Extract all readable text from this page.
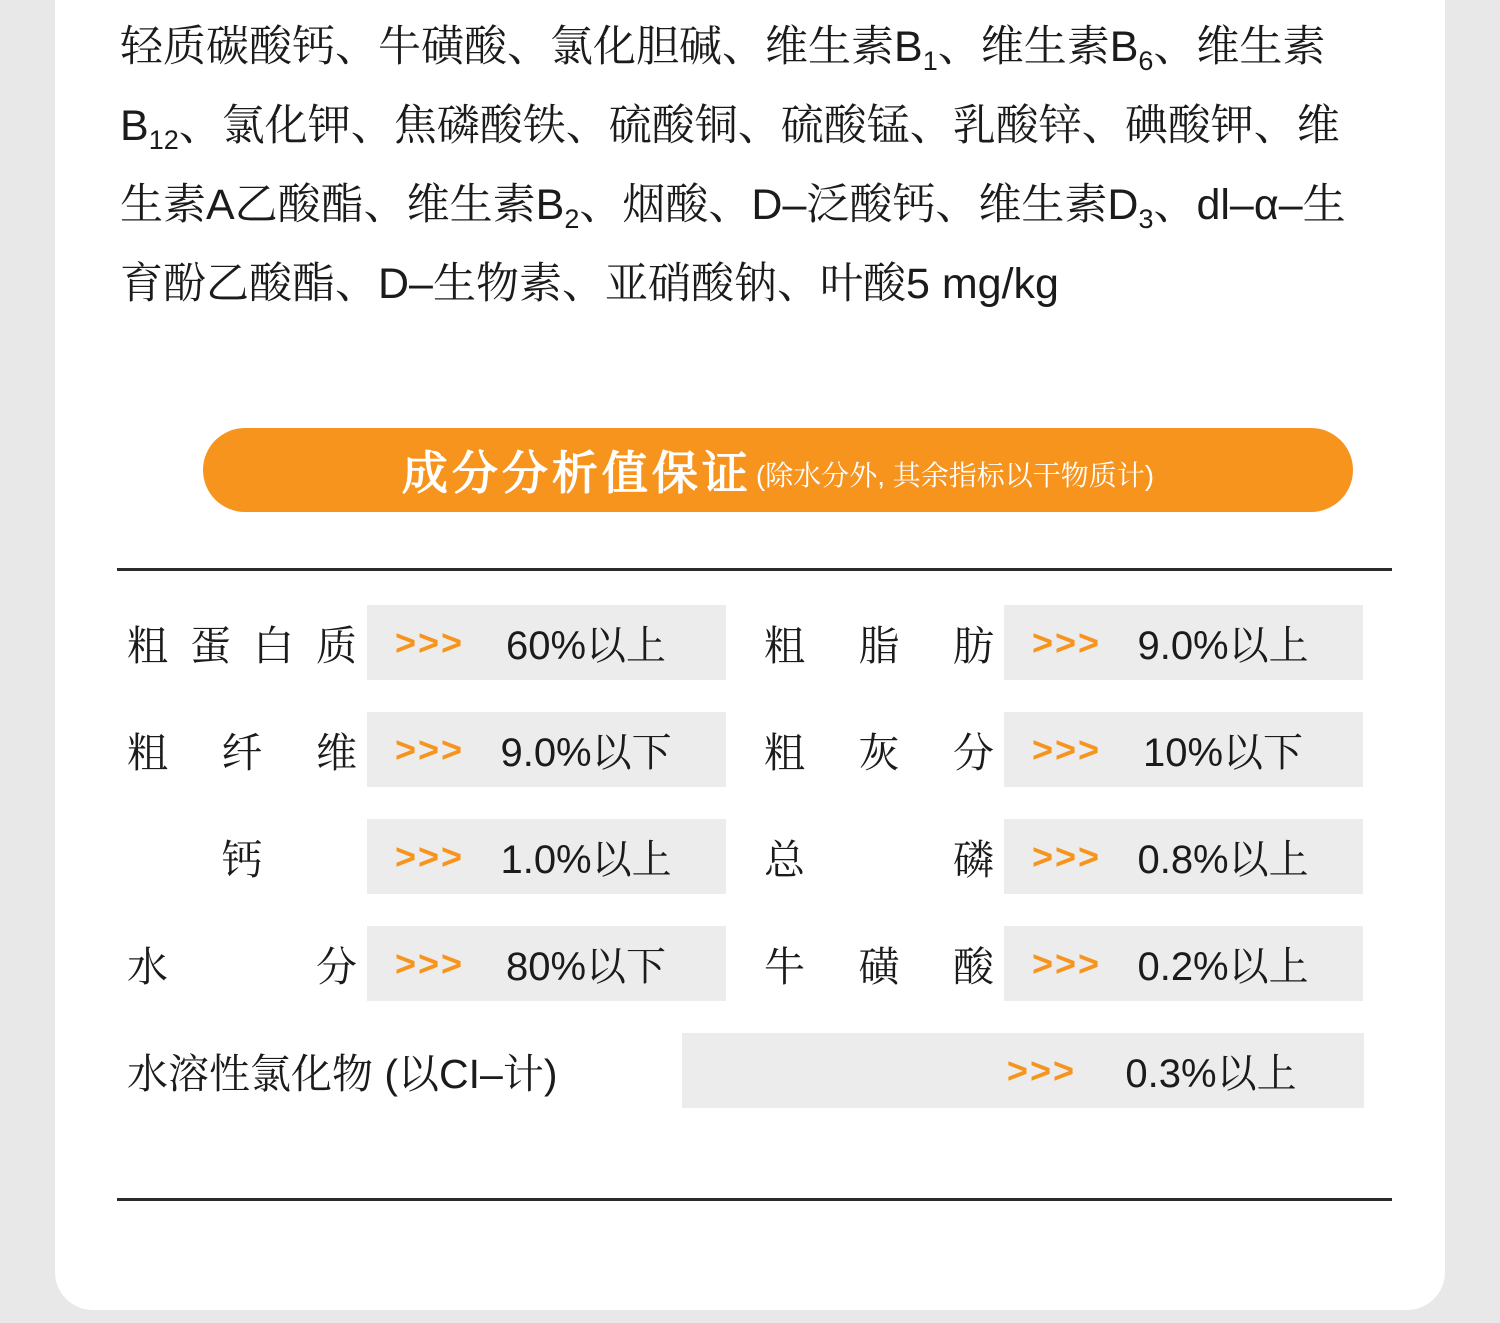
轻质碳酸钙、牛磺酸、氯化胆碱、维生素$B_1$、维生素$B_6$、维生素$B_{12}$、氯化钾、焦磷酸铁、硫酸铜、硫酸锰、乳酸锌、碘酸钾、维生素A乙酸酯、维生素$B_2$、烟酸、D–泛酸钙、维生素$D_3$、dl–α–生育酚乙酸酯、D–生物素、亚硝酸钠、叶酸5 mg/kg
成分分析值保证 (除水分外, 其余指标以干物质计)
粗 蛋 白 质 >>>	60%以上	粗 脂 肪 >>> 9.0%以上
粗 纤 维 >>> 9.0%以下	粗 灰 分 >>>	10%以下
钙	>>> 1.0%以上	总	磷 >>> 0.8%以上
水	分 >>>	80%以下	牛 磺 酸 >>> 0.2%以上
水溶性氯化物 (以CI–计)	>>>	0.3%以上
